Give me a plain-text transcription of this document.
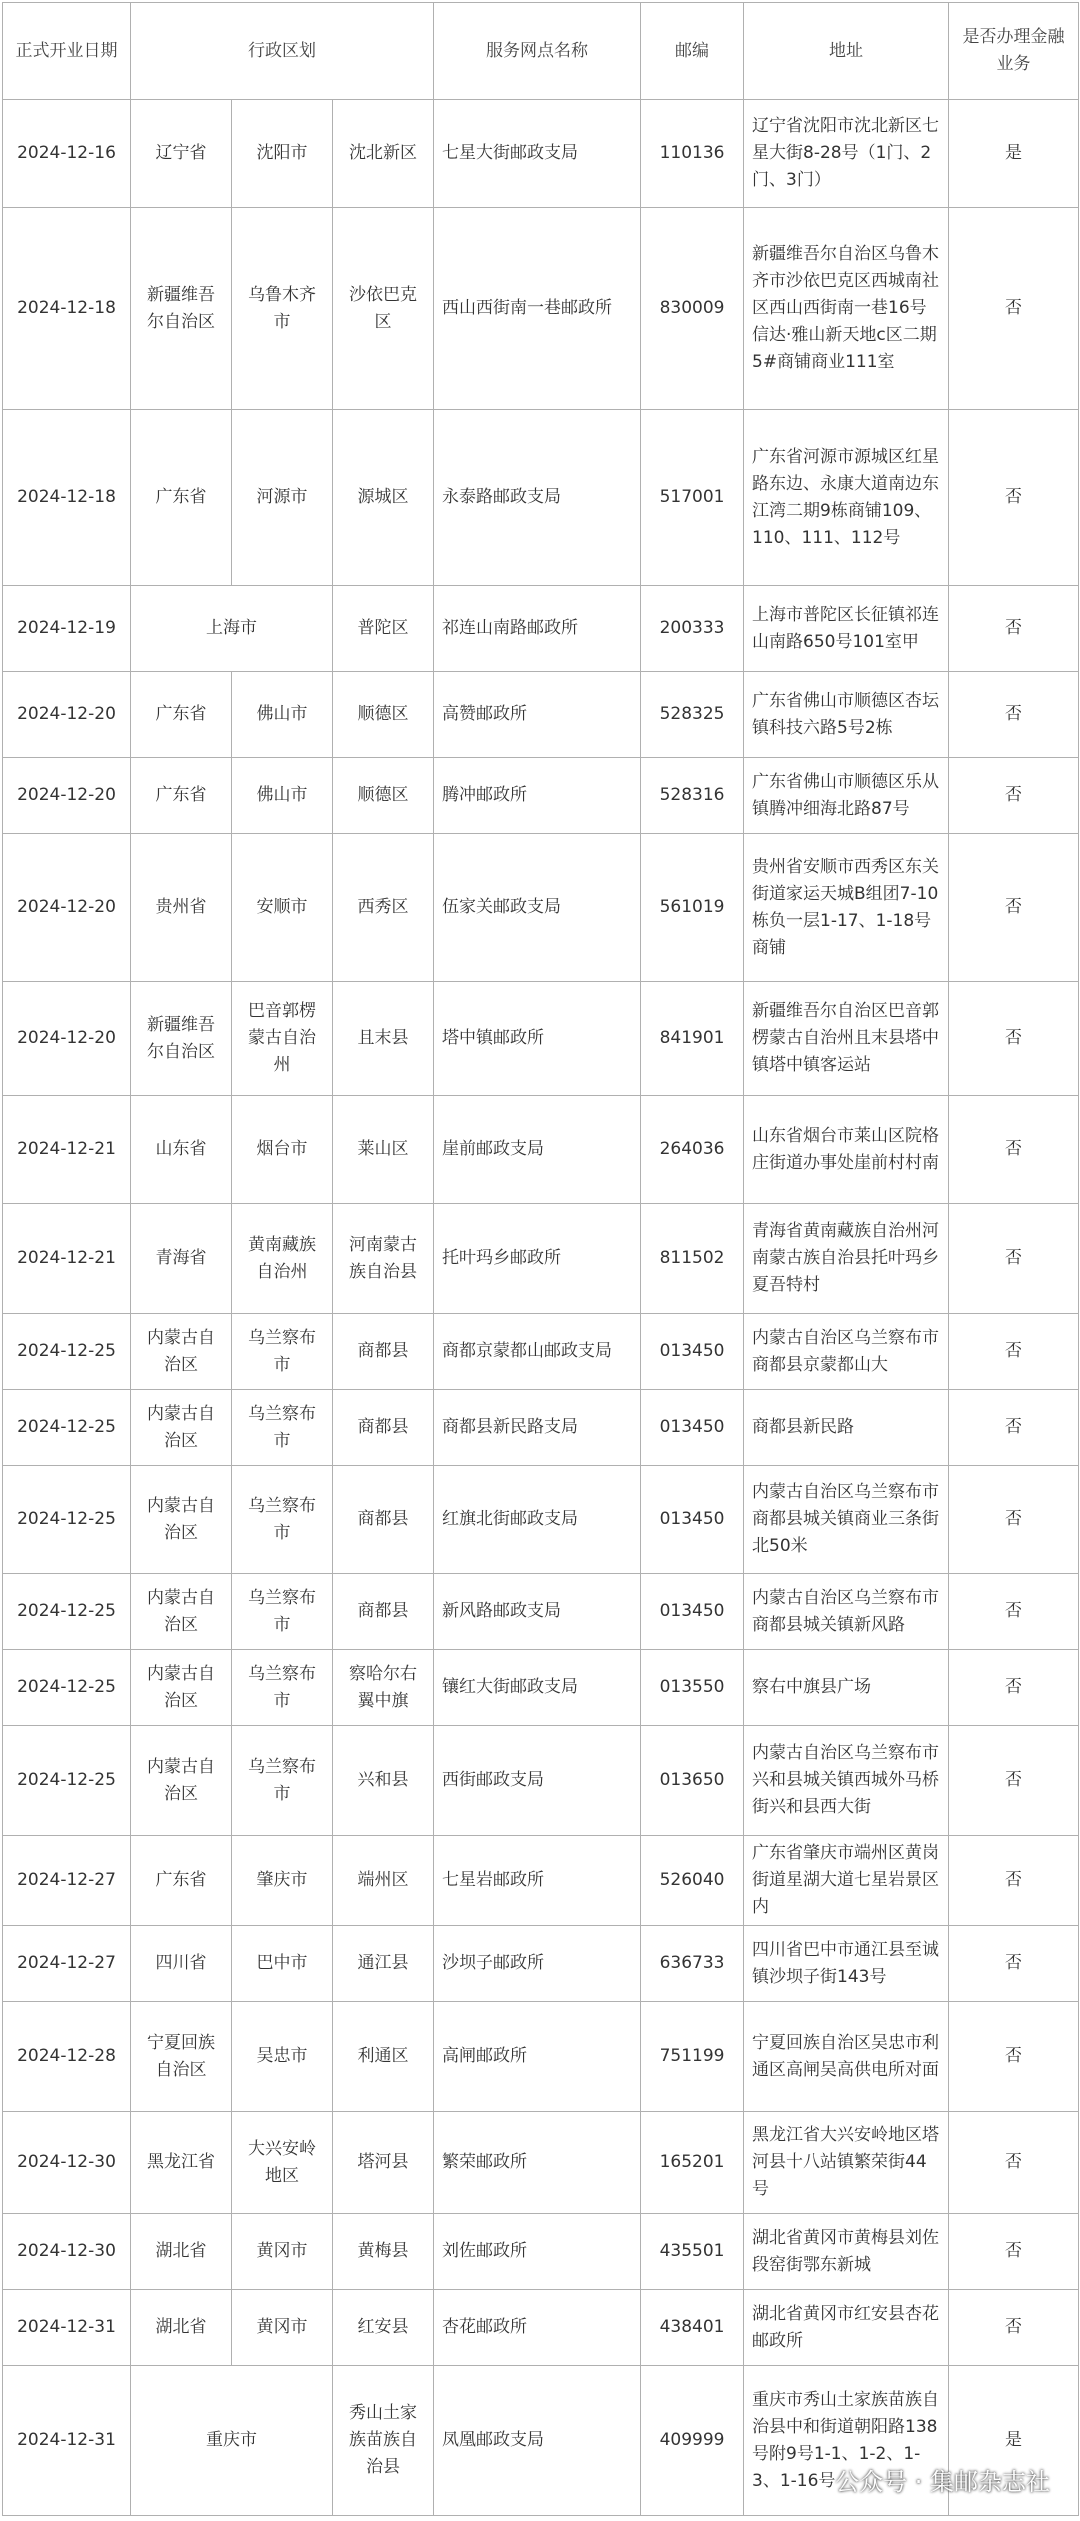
正式开业日期	行政区划			服务网点名称	邮编	地址	是否办理金融业务
2024-12-16	辽宁省	沈阳市	沈北新区	七星大街邮政支局	110136	辽宁省沈阳市沈北新区七星大街8-28号（1门、2门、3门）	是
2024-12-18	新疆维吾尔自治区	乌鲁木齐市	沙依巴克区	西山西街南一巷邮政所	830009	新疆维吾尔自治区乌鲁木齐市沙依巴克区西城南社区西山西街南一巷16号信达·雅山新天地c区二期5#商铺商业111室	否
2024-12-18	广东省	河源市	源城区	永泰路邮政支局	517001	广东省河源市源城区红星路东边、永康大道南边东江湾二期9栋商铺109、110、111、112号	否
2024-12-19	上海市		普陀区	祁连山南路邮政所	200333	上海市普陀区长征镇祁连山南路650号101室甲	否
2024-12-20	广东省	佛山市	顺德区	高赞邮政所	528325	广东省佛山市顺德区杏坛镇科技六路5号2栋	否
2024-12-20	广东省	佛山市	顺德区	腾冲邮政所	528316	广东省佛山市顺德区乐从镇腾冲细海北路87号	否
2024-12-20	贵州省	安顺市	西秀区	伍家关邮政支局	561019	贵州省安顺市西秀区东关街道家运天城B组团7-10栋负一层1-17、1-18号商铺	否
2024-12-20	新疆维吾尔自治区	巴音郭楞蒙古自治州	且末县	塔中镇邮政所	841901	新疆维吾尔自治区巴音郭楞蒙古自治州且末县塔中镇塔中镇客运站	否
2024-12-21	山东省	烟台市	莱山区	崖前邮政支局	264036	山东省烟台市莱山区院格庄街道办事处崖前村村南	否
2024-12-21	青海省	黄南藏族自治州	河南蒙古族自治县	托叶玛乡邮政所	811502	青海省黄南藏族自治州河南蒙古族自治县托叶玛乡夏吾特村	否
2024-12-25	内蒙古自治区	乌兰察布市	商都县	商都京蒙都山邮政支局	013450	内蒙古自治区乌兰察布市商都县京蒙都山大	否
2024-12-25	内蒙古自治区	乌兰察布市	商都县	商都县新民路支局	013450	商都县新民路	否
2024-12-25	内蒙古自治区	乌兰察布市	商都县	红旗北街邮政支局	013450	内蒙古自治区乌兰察布市商都县城关镇商业三条街北50米	否
2024-12-25	内蒙古自治区	乌兰察布市	商都县	新风路邮政支局	013450	内蒙古自治区乌兰察布市商都县城关镇新风路	否
2024-12-25	内蒙古自治区	乌兰察布市	察哈尔右翼中旗	镶红大街邮政支局	013550	察右中旗县广场	否
2024-12-25	内蒙古自治区	乌兰察布市	兴和县	西街邮政支局	013650	内蒙古自治区乌兰察布市兴和县城关镇西城外马桥街兴和县西大街	否
2024-12-27	广东省	肇庆市	端州区	七星岩邮政所	526040	广东省肇庆市端州区黄岗街道星湖大道七星岩景区内	否
2024-12-27	四川省	巴中市	通江县	沙坝子邮政所	636733	四川省巴中市通江县至诚镇沙坝子街143号	否
2024-12-28	宁夏回族自治区	吴忠市	利通区	高闸邮政所	751199	宁夏回族自治区吴忠市利通区高闸吴高供电所对面	否
2024-12-30	黑龙江省	大兴安岭地区	塔河县	繁荣邮政所	165201	黑龙江省大兴安岭地区塔河县十八站镇繁荣街44号	否
2024-12-30	湖北省	黄冈市	黄梅县	刘佐邮政所	435501	湖北省黄冈市黄梅县刘佐段窑街鄂东新城	否
2024-12-31	湖北省	黄冈市	红安县	杏花邮政所	438401	湖北省黄冈市红安县杏花邮政所	否
2024-12-31	重庆市		秀山土家族苗族自治县	凤凰邮政支局	409999	重庆市秀山土家族苗族自治县中和街道朝阳路138号附9号1-1、1-2、1-3、1-16号	是
公众号 · 集邮杂志社
